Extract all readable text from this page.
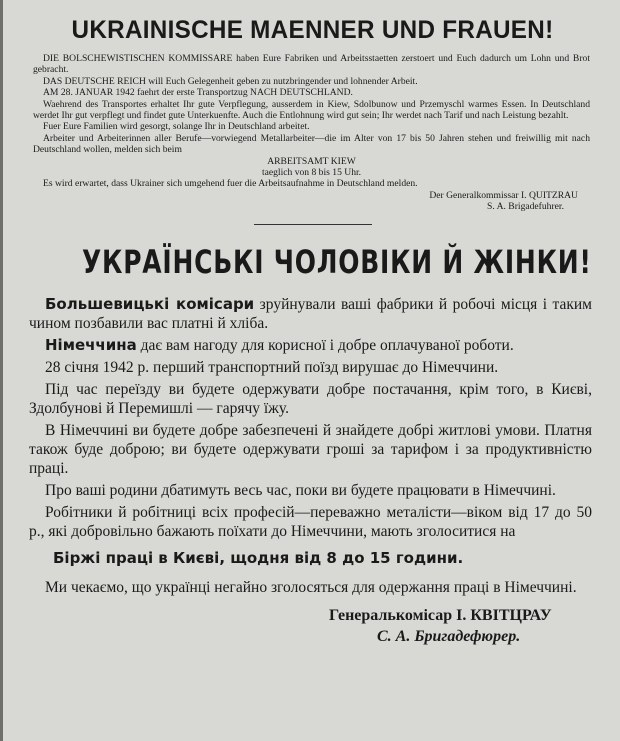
UKRAINISCHE MAENNER UND FRAUEN!

DIE BOLSCHEWISTISCHEN KOMMISSARE haben Eure Fabriken und Arbeitsstaetten zerstoert und Euch dadurch um Lohn und Brot gebracht.

DAS DEUTSCHE REICH will Euch Gelegenheit geben zu nutzbringender und lohnender Arbeit.

AM 28. JANUAR 1942 faehrt der erste Transportzug NACH DEUTSCHLAND.

Waehrend des Transportes erhaltet Ihr gute Verpflegung, ausserdem in Kiew, Sdolbunow und Przemyschl warmes Essen. In Deutschland werdet Ihr gut verpflegt und findet gute Unterkuenfte. Auch die Entlohnung wird gut sein; Ihr werdet nach Tarif und nach Leistung bezahlt.

Fuer Eure Familien wird gesorgt, solange Ihr in Deutschland arbeitet.

Arbeiter und Arbeiterinnen aller Berufe—vorwiegend Metallarbeiter—die im Alter von 17 bis 50 Jahren stehen und freiwillig mit nach Deutschland wollen, melden sich beim

ARBEITSAMT KIEW

taeglich von 8 bis 15 Uhr.

Es wird erwartet, dass Ukrainer sich umgehend fuer die Arbeitsaufnahme in Deutschland melden.

Der Generalkommissar I. QUITZRAU

S. A. Brigadefuhrer.

УКРАЇНСЬКІ ЧОЛОВІКИ Й ЖІНКИ!

Большевицькі комісари зруйнували ваші фабрики й робочі місця і таким чином позбавили вас платні й хліба.

Німеччина дає вам нагоду для корисної і добре оплачуваної роботи.

28 січня 1942 р. перший транспортний поїзд вирушає до Німеччини.

Під час переїзду ви будете одержувати добре постачання, крім того, в Києві, Здолбунові й Перемишлі — гарячу їжу.

В Німеччині ви будете добре забезпечені й знайдете добрі житлові умови. Платня також буде доброю; ви будете одержувати гроші за тарифом і за продуктивністю праці.

Про ваші родини дбатимуть весь час, поки ви будете працювати в Німеччині.

Робітники й робітниці всіх професій—переважно металісти—віком від 17 до 50 р., які добровільно бажають поїхати до Німеччини, мають зголоситися на

Біржі праці в Києві, щодня від 8 до 15 години.

Ми чекаємо, що українці негайно зголосяться для одержання праці в Німеччині.

Генералькомісар І. КВІТЦРАУ
С. А. Бригадефюрер.
